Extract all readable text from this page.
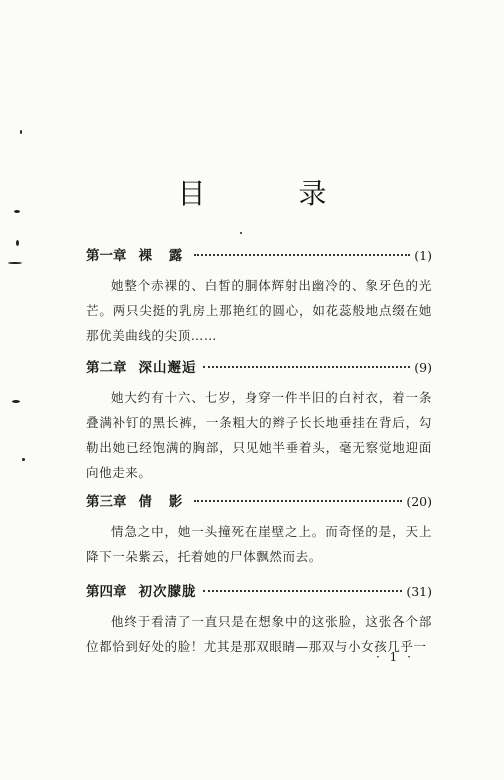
目 录
第一章 裸 露	(1)
她整个赤裸的、白皙的胴体辉射出幽冷的、象牙色的光芒。两只尖挺的乳房上那艳红的圆心，如花蕊般地点缀在她那优美曲线的尖顶……
第二章 深山邂逅	(9)
她大约有十六、七岁，身穿一件半旧的白衬衣，着一条叠满补钉的黑长裤，一条粗大的辫子长长地垂挂在背后，勾勒出她已经饱满的胸部，只见她半垂着头，毫无察觉地迎面向他走来。
第三章 倩 影	(20)
情急之中，她一头撞死在崖壁之上。而奇怪的是，天上降下一朵紫云，托着她的尸体飘然而去。
第四章 初次朦胧	(31)
他终于看清了一直只是在想象中的这张脸，这张各个部位都恰到好处的脸！尤其是那双眼睛—那双与小女孩几乎一
· 1 ·
